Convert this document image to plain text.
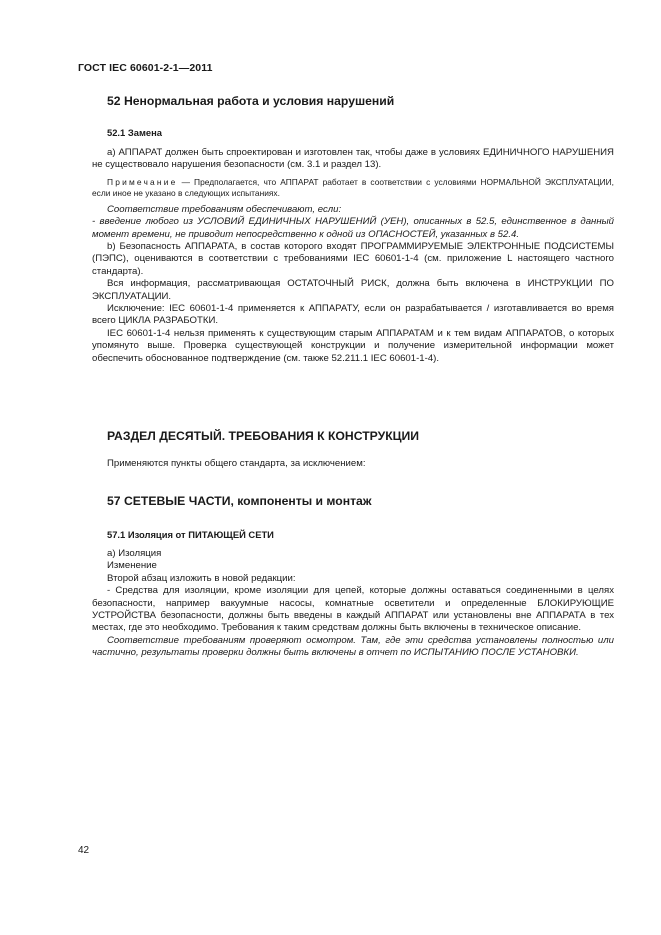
ГОСТ IEC 60601-2-1—2011
52 Ненормальная работа и условия нарушений
52.1 Замена

а) АППАРАТ должен быть спроектирован и изготовлен так, чтобы даже в условиях ЕДИНИЧНОГО НАРУШЕНИЯ не существовало нарушения безопасности (см. 3.1 и раздел 13).

Примечание — Предполагается, что АППАРАТ работает в соответствии с условиями НОРМАЛЬНОЙ ЭКСПЛУАТАЦИИ, если иное не указано в следующих испытаниях.

Соответствие требованиям обеспечивают, если:

- введение любого из УСЛОВИЙ ЕДИНИЧНЫХ НАРУШЕНИЙ (УЕН), описанных в 52.5, единственное в данный момент времени, не приводит непосредственно к одной из ОПАСНОСТЕЙ, указанных в 52.4.

b) Безопасность АППАРАТА, в состав которого входят ПРОГРАММИРУЕМЫЕ ЭЛЕКТРОННЫЕ ПОДСИСТЕМЫ (ПЭПС), оцениваются в соответствии с требованиями IEC 60601-1-4 (см. приложение L настоящего частного стандарта).

Вся информация, рассматривающая ОСТАТОЧНЫЙ РИСК, должна быть включена в ИНСТРУКЦИИ ПО ЭКСПЛУАТАЦИИ.

Исключение: IEC 60601-1-4 применяется к АППАРАТУ, если он разрабатывается / изготавливается во время всего ЦИКЛА РАЗРАБОТКИ.

IEC 60601-1-4 нельзя применять к существующим старым АППАРАТАМ и к тем видам АППАРАТОВ, о которых упомянуто выше. Проверка существующей конструкции и получение измерительной информации может обеспечить обоснованное подтверждение (см. также 52.211.1 IEC 60601-1-4).

РАЗДЕЛ ДЕСЯТЫЙ. ТРЕБОВАНИЯ К КОНСТРУКЦИИ

Применяются пункты общего стандарта, за исключением:

57 СЕТЕВЫЕ ЧАСТИ, компоненты и монтаж
57.1 Изоляция от ПИТАЮЩЕЙ СЕТИ

а) Изоляция

Изменение

Второй абзац изложить в новой редакции:

- Средства для изоляции, кроме изоляции для цепей, которые должны оставаться соединенными в целях безопасности, например вакуумные насосы, комнатные осветители и определенные БЛОКИРУЮЩИЕ УСТРОЙСТВА безопасности, должны быть введены в каждый АППАРАТ или установлены вне АППАРАТА в тех местах, где это необходимо. Требования к таким средствам должны быть включены в техническое описание.

Соответствие требованиям проверяют осмотром. Там, где эти средства установлены полностью или частично, результаты проверки должны быть включены в отчет по ИСПЫТАНИЮ ПОСЛЕ УСТАНОВКИ.

42
